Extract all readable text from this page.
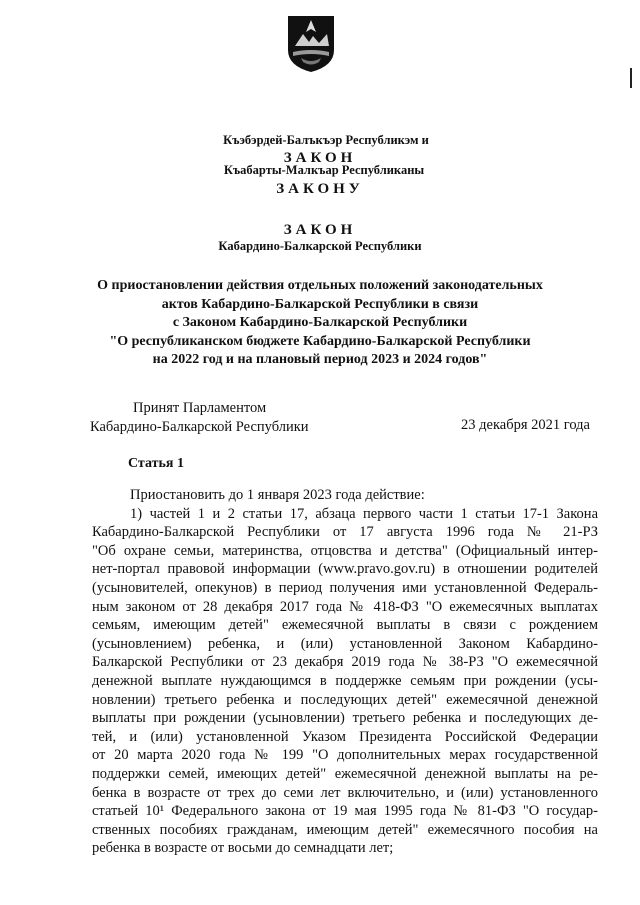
Къэбэрдей-Балъкъэр Республикэм и
ЗАКОН
Къабарты-Малкъар Республиканы
ЗАКОНУ
ЗАКОН
Кабардино-Балкарской Республики
О приостановлении действия отдельных положений законодательных
актов Кабардино-Балкарской Республики в связи
с Законом Кабардино-Балкарской Республики
"О республиканском бюджете Кабардино-Балкарской Республики
на 2022 год и на плановый период 2023 и 2024 годов"
Принят Парламентом
Кабардино-Балкарской Республики	23 декабря 2021 года
Статья 1
Приостановить до 1 января 2023 года действие:
1) частей 1 и 2 статьи 17, абзаца первого части 1 статьи 17-1 Закона
Кабардино-Балкарской Республики от 17 августа 1996 года № 21-РЗ
"Об охране семьи, материнства, отцовства и детства" (Официальный интер-
нет-портал правовой информации (www.pravo.gov.ru) в отношении родителей
(усыновителей, опекунов) в период получения ими установленной Федераль-
ным законом от 28 декабря 2017 года № 418-ФЗ "О ежемесячных выплатах
семьям, имеющим детей" ежемесячной выплаты в связи с рождением
(усыновлением) ребенка, и (или) установленной Законом Кабардино-
Балкарской Республики от 23 декабря 2019 года № 38-РЗ "О ежемесячной
денежной выплате нуждающимся в поддержке семьям при рождении (усы-
новлении) третьего ребенка и последующих детей" ежемесячной денежной
выплаты при рождении (усыновлении) третьего ребенка и последующих де-
тей, и (или) установленной Указом Президента Российской Федерации
от 20 марта 2020 года № 199 "О дополнительных мерах государственной
поддержки семей, имеющих детей" ежемесячной денежной выплаты на ре-
бенка в возрасте от трех до семи лет включительно, и (или) установленного
статьей 10¹ Федерального закона от 19 мая 1995 года № 81-ФЗ "О государ-
ственных пособиях гражданам, имеющим детей" ежемесячного пособия на
ребенка в возрасте от восьми до семнадцати лет;
